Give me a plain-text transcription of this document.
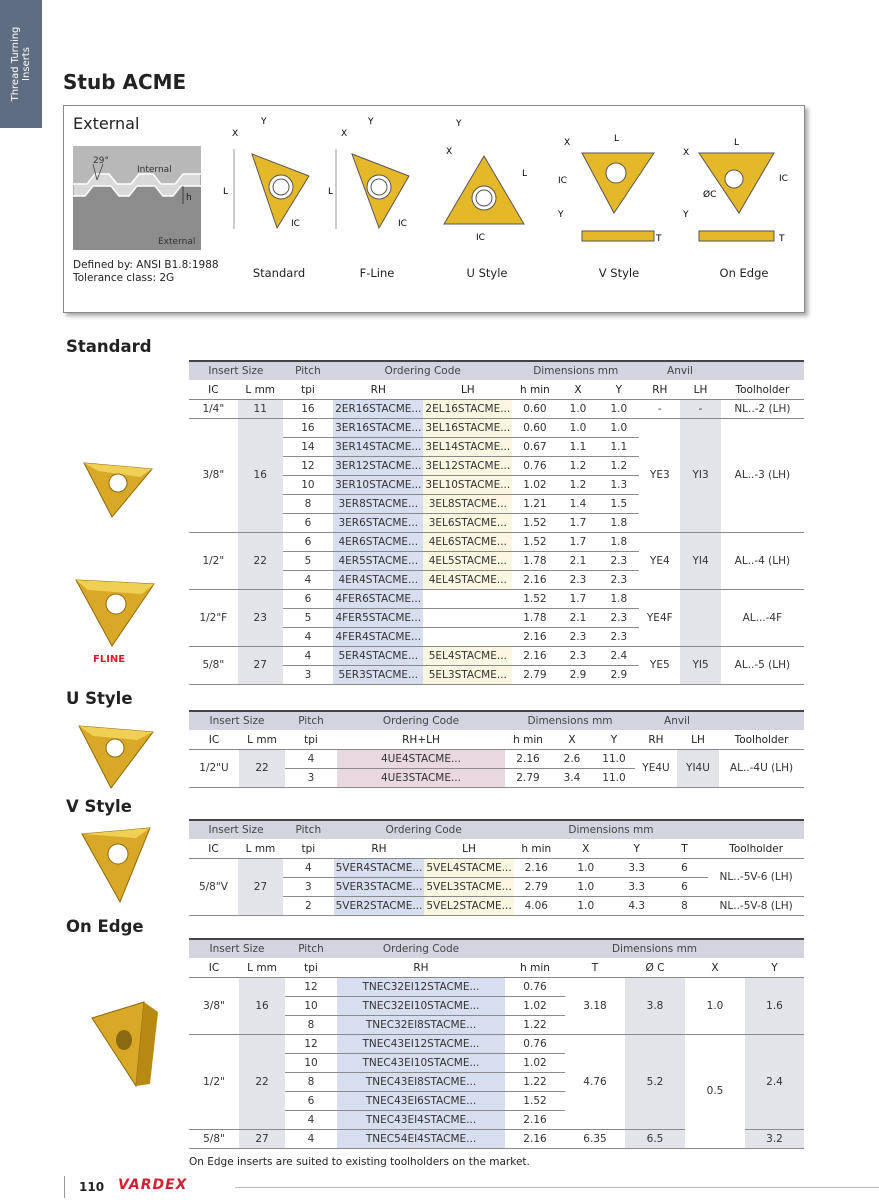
Thread Turning
Inserts
Stub ACME
External
29°
Internal
External
h
Defined by: ANSI B1.8:1988
Tolerance class: 2G
L
X
Y
IC
Standard
L
X
Y
IC
F-Line
Y
X
L
IC
U Style
X	L
IC
Y
T
V Style
X
L
ØC
IC
Y
T
On Edge
FLINE
Standard
Insert Size		Pitch	Ordering Code		Dimensions mm			Anvil		
IC	L mm	tpi	RH	LH	h min	X	Y	RH	LH	Toolholder
1/4"	11	16	2ER16STACME...	2EL16STACME...	0.60	1.0	1.0	-	-	NL..-2 (LH)
3/8"	16	16	3ER16STACME...	3EL16STACME...	0.60	1.0	1.0	YE3	YI3	AL..-3 (LH)
		14	3ER14STACME...	3EL14STACME...	0.67	1.1	1.1			
		12	3ER12STACME...	3EL12STACME...	0.76	1.2	1.2			
		10	3ER10STACME...	3EL10STACME...	1.02	1.2	1.3			
		8	3ER8STACME...	3EL8STACME...	1.21	1.4	1.5			
		6	3ER6STACME...	3EL6STACME...	1.52	1.7	1.8			
1/2"	22	6	4ER6STACME...	4EL6STACME...	1.52	1.7	1.8	YE4	YI4	AL..-4 (LH)
		5	4ER5STACME...	4EL5STACME...	1.78	2.1	2.3			
		4	4ER4STACME...	4EL4STACME...	2.16	2.3	2.3			
1/2"F	23	6	4FER6STACME...		1.52	1.7	1.8	YE4F		AL...-4F
		5	4FER5STACME...		1.78	2.1	2.3			
		4	4FER4STACME...		2.16	2.3	2.3			
5/8"	27	4	5ER4STACME...	5EL4STACME...	2.16	2.3	2.4	YE5	YI5	AL..-5 (LH)
		3	5ER3STACME...	5EL3STACME...	2.79	2.9	2.9			
U Style
Insert Size		Pitch	Ordering Code	Dimensions mm			Anvil		
IC	L mm	tpi	RH+LH	h min	X	Y	RH	LH	Toolholder
1/2"U	22	4	4UE4STACME...	2.16	2.6	11.0	YE4U	YI4U	AL..-4U (LH)
		3	4UE3STACME...	2.79	3.4	11.0			
V Style
Insert Size		Pitch	Ordering Code		Dimensions mm				
IC	L mm	tpi	RH	LH	h min	X	Y	T	Toolholder
5/8"V	27	4	5VER4STACME...	5VEL4STACME...	2.16	1.0	3.3	6	NL..-5V-6 (LH)
		3	5VER3STACME...	5VEL3STACME...	2.79	1.0	3.3	6	
		2	5VER2STACME...	5VEL2STACME...	4.06	1.0	4.3	8	NL..-5V-8 (LH)
On Edge
Insert Size		Pitch	Ordering Code	Dimensions mm				
IC	L mm	tpi	RH	h min	T	Ø C	X	Y
3/8"	16	12	TNEC32EI12STACME...	0.76	3.18	3.8	1.0	1.6
		10	TNEC32EI10STACME...	1.02				
		8	TNEC32EI8STACME...	1.22				
1/2"	22	12	TNEC43EI12STACME...	0.76	4.76	5.2	0.5	2.4
		10	TNEC43EI10STACME...	1.02				
		8	TNEC43EI8STACME...	1.22				
		6	TNEC43EI6STACME...	1.52				
		4	TNEC43EI4STACME...	2.16				
5/8"	27	4	TNEC54EI4STACME...	2.16	6.35	6.5		3.2
On Edge inserts are suited to existing toolholders on the market.
110 VARDEX
